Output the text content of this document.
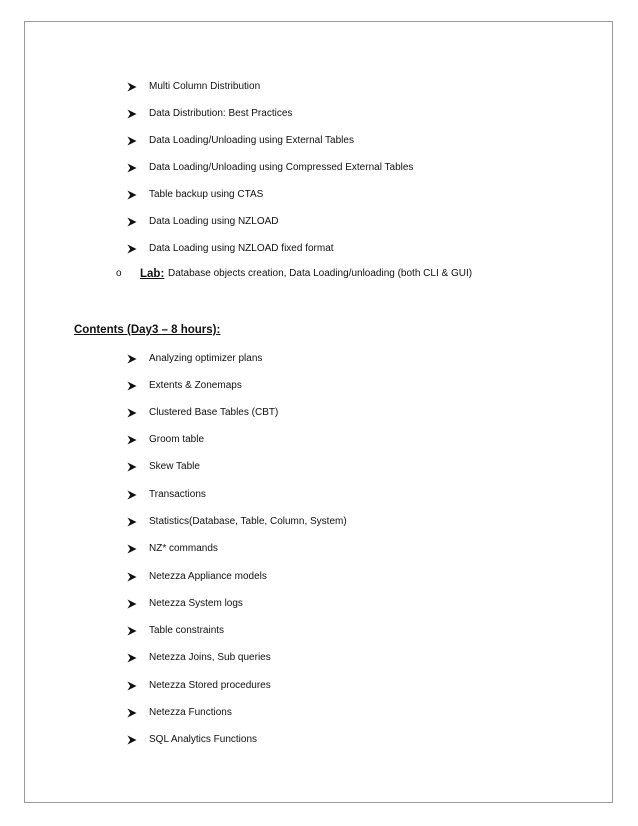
Multi Column Distribution
Data Distribution: Best Practices
Data Loading/Unloading using External Tables
Data Loading/Unloading using Compressed External Tables
Table backup using CTAS
Data Loading using NZLOAD
Data Loading using NZLOAD fixed format
o Lab: Database objects creation, Data Loading/unloading (both CLI & GUI)
Contents (Day3 – 8 hours):
Analyzing optimizer plans
Extents & Zonemaps
Clustered Base Tables (CBT)
Groom table
Skew Table
Transactions
Statistics(Database, Table, Column, System)
NZ* commands
Netezza Appliance models
Netezza System logs
Table constraints
Netezza Joins, Sub queries
Netezza Stored procedures
Netezza Functions
SQL Analytics Functions
